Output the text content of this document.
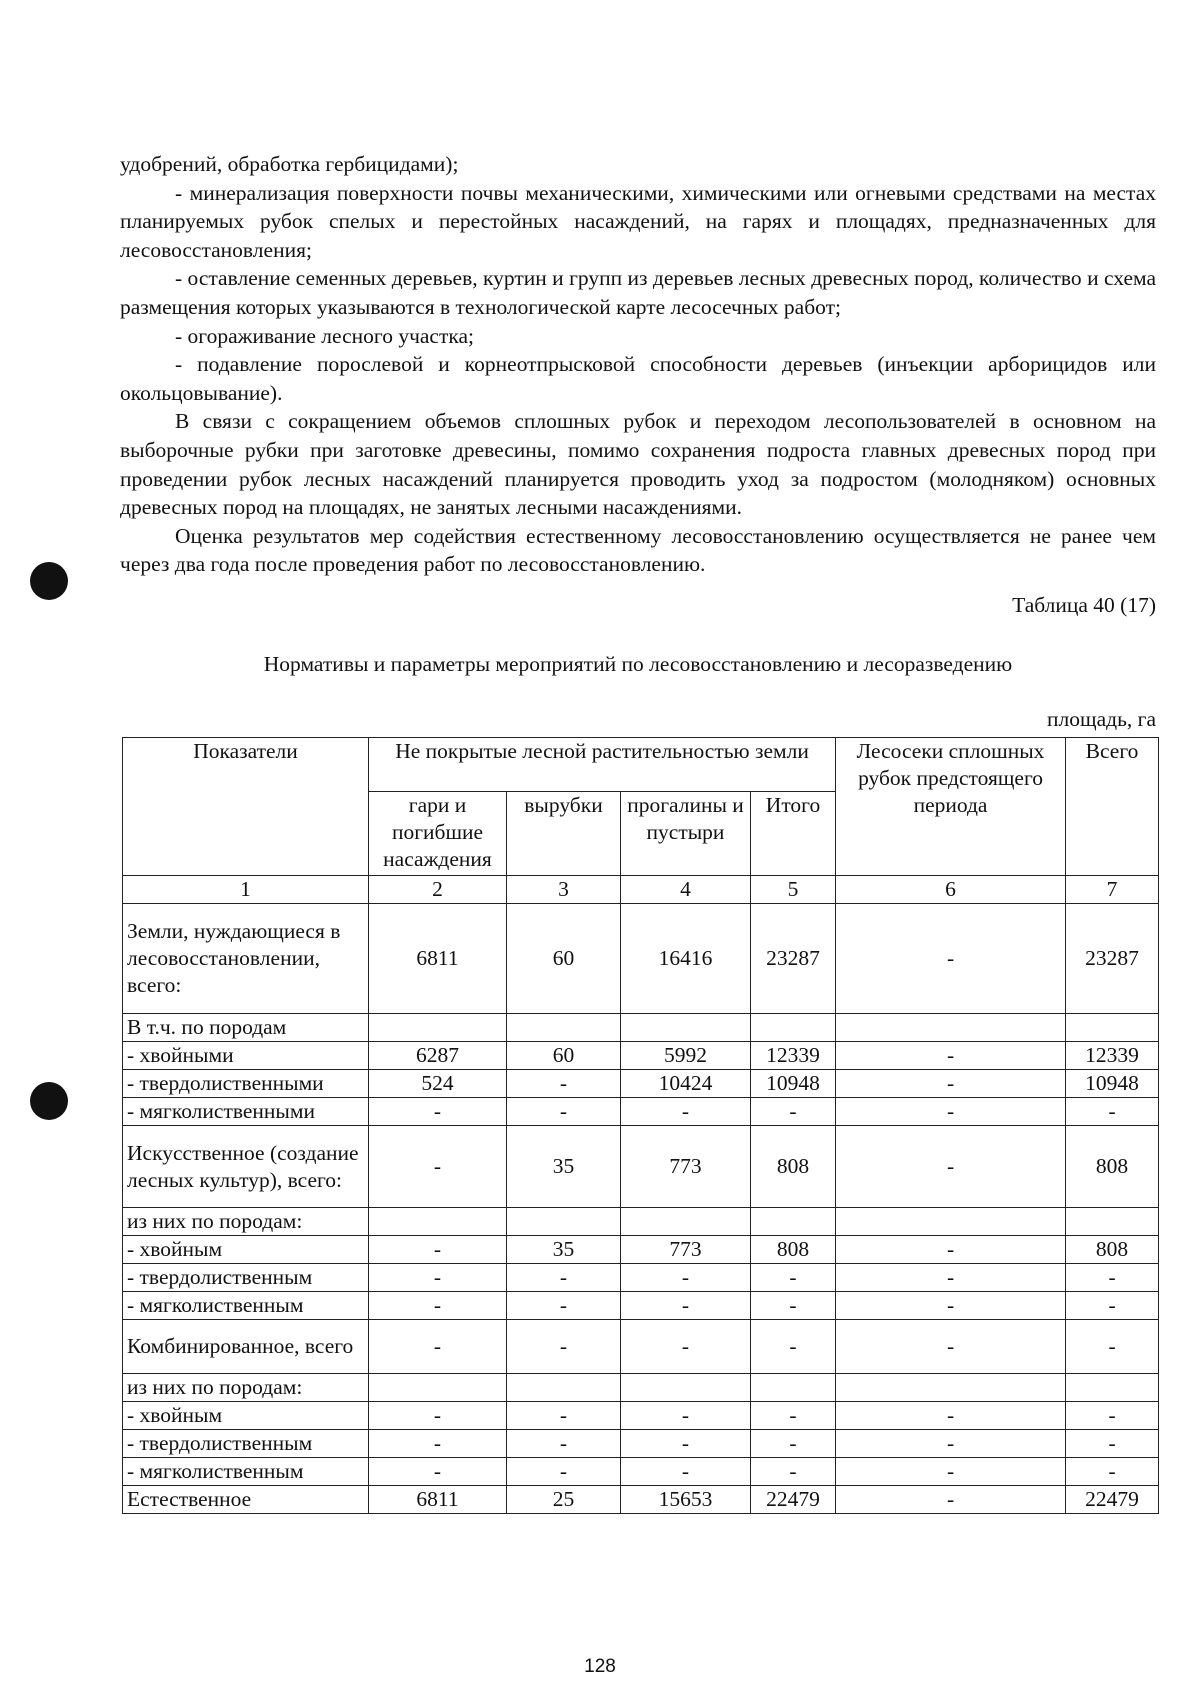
удобрений, обработка гербицидами);

- минерализация поверхности почвы механическими, химическими или огневыми средствами на местах планируемых рубок спелых и перестойных насаждений, на гарях и площадях, предназначенных для лесовосстановления;

- оставление семенных деревьев, куртин и групп из деревьев лесных древесных пород, количество и схема размещения которых указываются в технологической карте лесосечных работ;

- огораживание лесного участка;

- подавление порослевой и корнеотпрысковой способности деревьев (инъекции арборицидов или окольцовывание).

В связи с сокращением объемов сплошных рубок и переходом лесопользователей в основном на выборочные рубки при заготовке древесины, помимо сохранения подроста главных древесных пород при проведении рубок лесных насаждений планируется проводить уход за подростом (молодняком) основных древесных пород на площадях, не занятых лесными насаждениями.

Оценка результатов мер содействия естественному лесовосстановлению осуществляется не ранее чем через два года после проведения работ по лесовосстановлению.

Таблица 40 (17)
Нормативы и параметры мероприятий по лесовосстановлению и лесоразведению
площадь, га
Показатели	Не покрытые лесной растительностью земли				Лесосеки сплошных рубок предстоящего периода	Всего
	гари и погибшие насаждения	вырубки	прогалины и пустыри	Итого		
1	2	3	4	5	6	7
Земли, нуждающиеся в лесовосстановлении, всего:	6811	60	16416	23287	-	23287
В т.ч. по породам						
- хвойными	6287	60	5992	12339	-	12339
- твердолиственными	524	-	10424	10948	-	10948
- мягколиственными	-	-	-	-	-	-
Искусственное (создание лесных культур), всего:	-	35	773	808	-	808
из них по породам:						
- хвойным	-	35	773	808	-	808
- твердолиственным	-	-	-	-	-	-
- мягколиственным	-	-	-	-	-	-
Комбинированное, всего	-	-	-	-	-	-
из них по породам:						
- хвойным	-	-	-	-	-	-
- твердолиственным	-	-	-	-	-	-
- мягколиственным	-	-	-	-	-	-
Естественное	6811	25	15653	22479	-	22479
128
